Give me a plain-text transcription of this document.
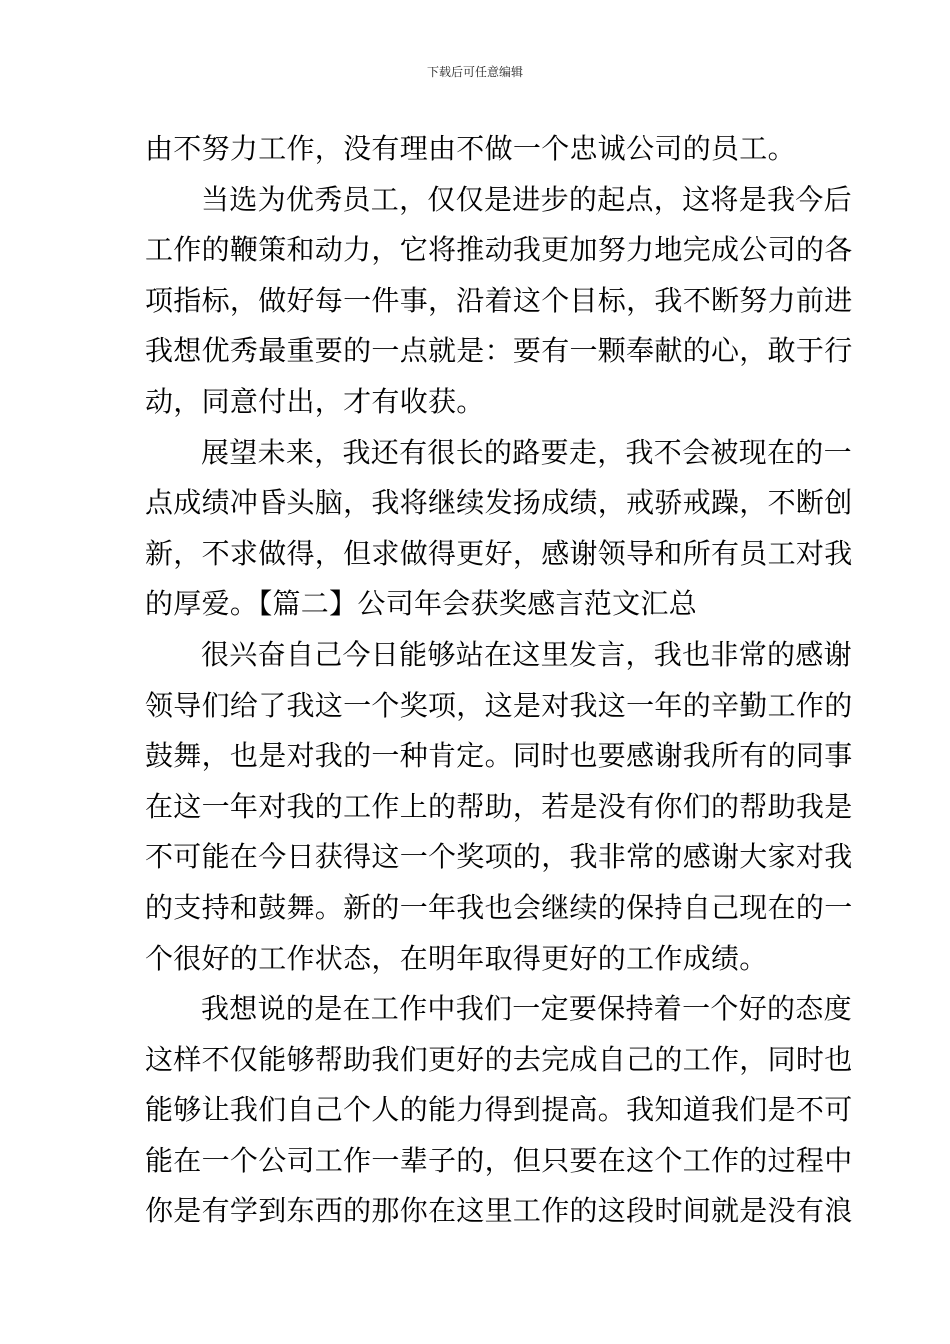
下载后可任意编辑
由不努力工作，没有理由不做一个忠诚公司的员工。
当选为优秀员工，仅仅是进步的起点，这将是我今后
工作的鞭策和动力，它将推动我更加努力地完成公司的各
项指标，做好每一件事，沿着这个目标，我不断努力前进
我想优秀最重要的一点就是：要有一颗奉献的心，敢于行
动，同意付出，才有收获。
展望未来，我还有很长的路要走，我不会被现在的一
点成绩冲昏头脑，我将继续发扬成绩，戒骄戒躁，不断创
新，不求做得，但求做得更好，感谢领导和所有员工对我
的厚爱。【篇二】公司年会获奖感言范文汇总
很兴奋自己今日能够站在这里发言，我也非常的感谢
领导们给了我这一个奖项，这是对我这一年的辛勤工作的
鼓舞，也是对我的一种肯定。同时也要感谢我所有的同事
在这一年对我的工作上的帮助，若是没有你们的帮助我是
不可能在今日获得这一个奖项的，我非常的感谢大家对我
的支持和鼓舞。新的一年我也会继续的保持自己现在的一
个很好的工作状态，在明年取得更好的工作成绩。
我想说的是在工作中我们一定要保持着一个好的态度
这样不仅能够帮助我们更好的去完成自己的工作，同时也
能够让我们自己个人的能力得到提高。我知道我们是不可
能在一个公司工作一辈子的，但只要在这个工作的过程中
你是有学到东西的那你在这里工作的这段时间就是没有浪
